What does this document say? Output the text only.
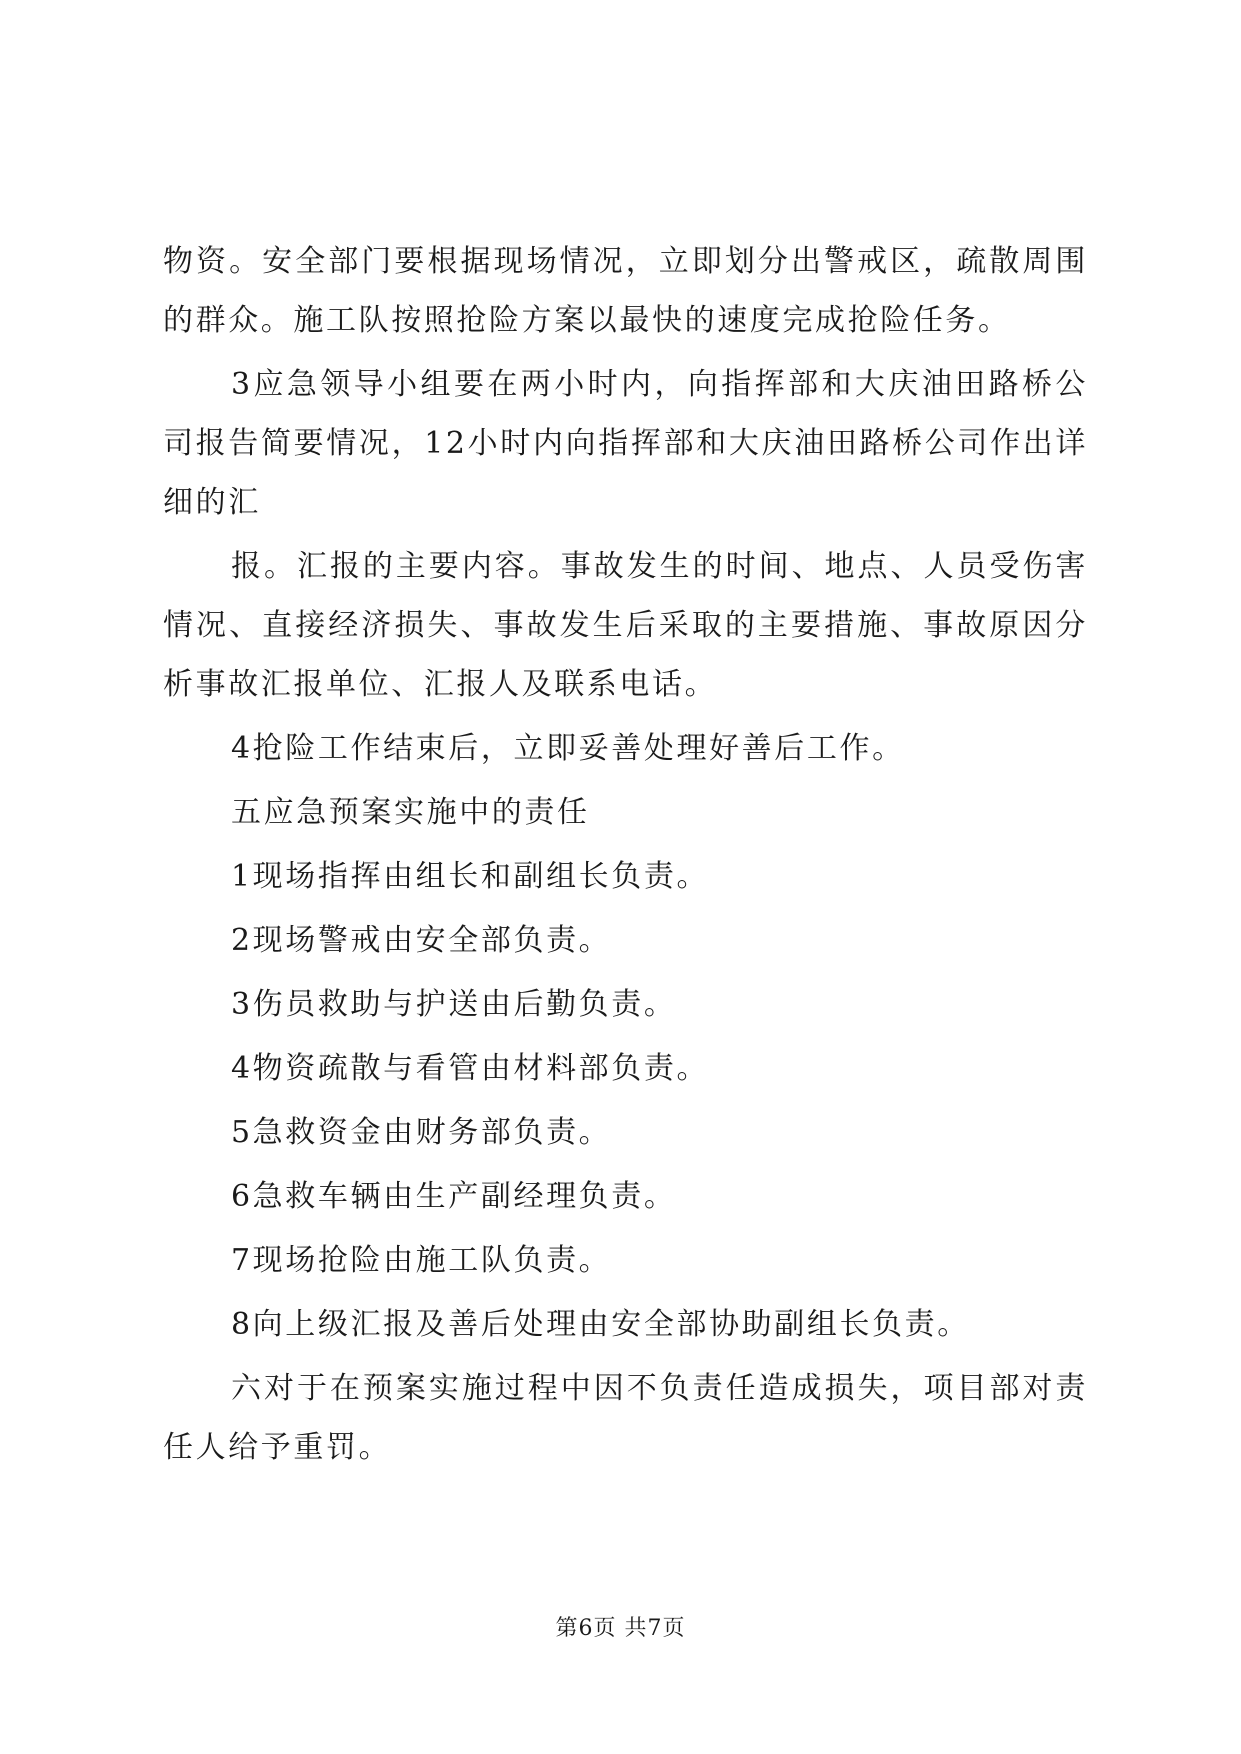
物资。安全部门要根据现场情况，立即划分出警戒区，疏散周围的群众。施工队按照抢险方案以最快的速度完成抢险任务。

3应急领导小组要在两小时内，向指挥部和大庆油田路桥公司报告简要情况，12小时内向指挥部和大庆油田路桥公司作出详细的汇

报。汇报的主要内容。事故发生的时间、地点、人员受伤害情况、直接经济损失、事故发生后采取的主要措施、事故原因分析事故汇报单位、汇报人及联系电话。

4抢险工作结束后，立即妥善处理好善后工作。

五应急预案实施中的责任

1现场指挥由组长和副组长负责。

2现场警戒由安全部负责。

3伤员救助与护送由后勤负责。

4物资疏散与看管由材料部负责。

5急救资金由财务部负责。

6急救车辆由生产副经理负责。

7现场抢险由施工队负责。

8向上级汇报及善后处理由安全部协助副组长负责。

六对于在预案实施过程中因不负责任造成损失，项目部对责任人给予重罚。

第6页 共7页
